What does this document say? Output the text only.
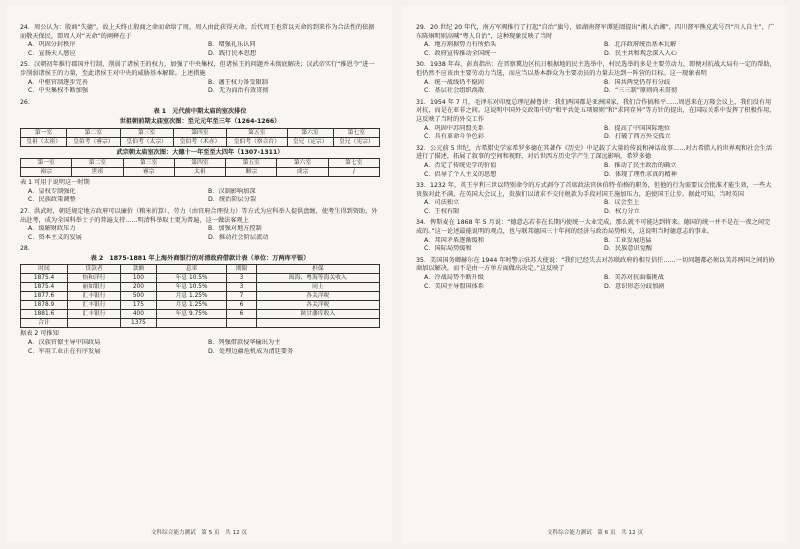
24．周公认为：殷商“失德”，故上天终止殷商之命而命给了周，周人由此获得天命。后代周王也常以天命的到来作为合法性的依据而敬天保民，即周人对“天命”的阐释在于
A．巩固分封秩序	B．增强礼乐认同
C．宣扬天人感应	D．践行民本思想
25．汉朝初年推行郡国并行制，削弱了诸侯王的权力，加强了中央集权，但诸侯王的问题并未彻底解决；汉武帝实行“推恩令”进一步削弱诸侯王的力量，至此诸侯王对中央的威胁基本解除。上述措施
A．中枢官制逐步完善	B．藩王权力备受限制
C．中央集权不断加强	D．无为而治有效贯彻
26.
表 1　元代前中期太庙的室次排位
世祖朝前期太庙室次图：至元元年至三年（1264-1266）
第一室	第二室	第三室	第四室	第五室	第六室	第七室
皇祖（太祖）	皇伯考（睿宗）	皇伯考（太宗）	皇伯考（术赤）	皇伯考（察合台）	皇兄（定宗）	皇兄（宪宗）
武宗朝太庙室次图：大德十一年至至大四年（1307-1311）
第一室	第二室	第三室	第四室	第五室	第六室	第七室
裕宗	世祖	睿宗	太祖	顺宗	成宗	/
表 1 可用于说明这一时期
A．皇权专制强化	B．汉制影响加深
C．民族政策调整	D．统治阶层分裂
27．洪武时，朝廷规定地方政府可以廉价（粮米折算）、劳力（由官府合理役力）等方式为应科举人提供盘缠，使考生得到资助，外出赴考，成为全国科举士子的普遍支持……明清科举取士更为普遍，这一做法客观上
A．缓解财政压力	B．加强对地方控制
C．资本主义的发展	D．推动社会阶层流动
28.
表 2　1875-1881 年上海外商银行的对清政府借款计表（单位：万两库平银）
时间	贷款者	款额	息率	期限	担保
1875.4	怡和洋行	100	年息 10.5%	3	闽海、粤海等海关收入
1875.4	丽如银行	200	年息 10.5%	3	同上
1877.6	汇丰银行	500	月息 1.25%	7	各关洋税
1878.9	汇丰银行	175	月息 1.25%	6	各关洋税
1881.6	汇丰银行	400	年息 9.75%	6	陕甘藩库收入
合计		1375			
据表 2 可推知
A．汉族官僚主导中国政局	B．列强借款侵华输出为主
C．军用工业正在有序发展	D．处理边疆危机成为清廷要务
文科综合能力测试　第 5 页　共 12 页
29．20 世纪 20 年代，南方军阀推行了打起“自治”旗号，如湖南督军谭延闿提出“湘人治湘”，四川督军熊克武号召“川人自主”，广东陈炯明则高喊“粤人自治”，这种现象反映了当时
A．地方割据势力有所抬头	B．北洋政府统治基本瓦解
C．政府宣传推动全国统一	D．民主共和观念深入人心
30．1938 年春，彭真指出：在晋察冀边区抗日根据地的民主选举中，村民选举的多是主要劳动力，即便对抗战大局有一定的帮助，但仍然不应该由主要劳动力当选，而应当以基本群众为主要动员的力量去达到一阵营的目标。这一现象表明
A．统一战线仍不稳固	B．国共两党仍存有分歧
C．基层社会组织涣散	D．“三三制”原则尚未贯彻
31．1954 年 7 月，毛泽东对印度总理尼赫鲁讲：我们两国都是亚洲国家，我们合作搞和平……周恩来在万隆会议上，我们没有用对抗，而是在亚非之间。这说明中国外交政策中的“和平共处五项原则”和“求同存异”等方针的提出，在国际关系中发挥了积极作用，这反映了当时的外交工作
A．巩固中苏同盟关系	B．提高了中国国际地位
C．具有革命斗争色彩	D．打破了西方外交孤立
32．公元前 5 世纪，古希腊史学家希罗多德在其著作《历史》中记载了大量的传说和神话故事……对古希腊人的世界观和社会生活进行了描述，拓展了叙事的空间和视野，对后世西方历史学产生了深远影响，希罗多德
A．否定了传统史学的价值	B．推动了民主政治的确立
C．倡导了个人主义的思想	D．体现了理性求真的精神
33．1232 年，英王亨利三世以特别命令的方式剥夺了首席政法官休伯特·伯格的职务，但他的行为需要议会批准才能生效，一些大贵族对此不满，在英国大会议上，贵族们以请求不交付税款为手段对国王施加压力，迫使国王让步。据此可知，当时英国
A．司法独立	B．议会至上
C．王权有限	D．权力分立
34．俾斯麦在 1868 年 5 月说：“德意志若非在长期内使统一大业完成，那么就不可能达到将来。德国的统一并不是在一夜之间完成的。”这一论述最能说明的观点，也与联邦德国三十年间的经济与政治局势相关，这说明当时德意志的事业。
A．邦国矛盾逐渐缓和	B．工业发展迅猛
C．国际局势缓和	D．民族意识觉醒
35．美国国务卿赫尔在 1944 年时警示驻苏大使说：“我们已经失去对苏联政府的相互信任……一切问题都必须以美苏两国之间的协商加以解决，而不是由一方单方面做出决定。”这反映了
A．冷战局势不断升级	B．美苏对抗面临挑战
C．美国主导盟国体系	D．意识形态分歧加剧
文科综合能力测试　第 6 页　共 12 页
